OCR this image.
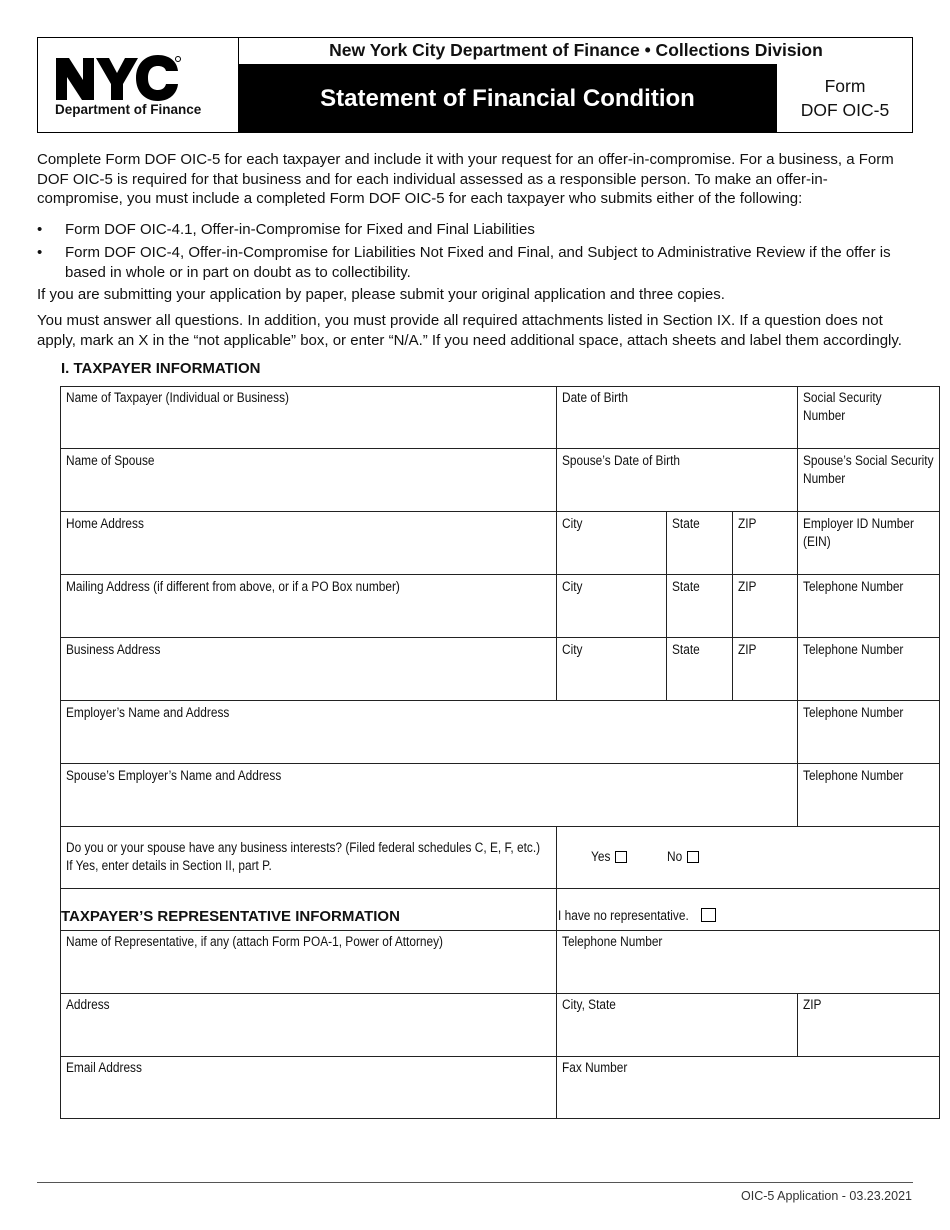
Department of Finance
New York City Department of Finance • Collections Division
Statement of Financial Condition	Form
DOF OIC-5
Complete Form DOF OIC-5 for each taxpayer and include it with your request for an offer-in-compromise. For a business, a Form DOF OIC-5 is required for that business and for each individual assessed as a responsible person. To make an offer-in-compromise, you must include a completed Form DOF OIC-5 for each taxpayer who submits either of the following:
• Form DOF OIC-4.1, Offer-in-Compromise for Fixed and Final Liabilities
• Form DOF OIC-4, Offer-in-Compromise for Liabilities Not Fixed and Final, and Subject to Administrative Review if the offer is based in whole or in part on doubt as to collectibility.
If you are submitting your application by paper, please submit your original application and three copies.
You must answer all questions. In addition, you must provide all required attachments listed in Section IX. If a question does not apply, mark an X in the “not applicable” box, or enter “N/A.” If you need additional space, attach sheets and label them accordingly.
I. TAXPAYER INFORMATION
Name of Taxpayer (Individual or Business)	Date of Birth	Social Security Number
Name of Spouse	Spouse’s Date of Birth	Spouse’s Social Security Number
Home Address	City	State	ZIP	Employer ID Number (EIN)
Mailing Address (if different from above, or if a PO Box number)	City	State	ZIP	Telephone Number
Business Address	City	State	ZIP	Telephone Number
Employer’s Name and Address	Telephone Number
Spouse’s Employer’s Name and Address	Telephone Number
Do you or your spouse have any business interests? (Filed federal schedules C, E, F, etc.)
If Yes, enter details in Section II, part P.
Yes	No
TAXPAYER’S REPRESENTATIVE INFORMATION	I have no representative.
Name of Representative, if any (attach Form POA-1, Power of Attorney)	Telephone Number
Address	City, State	ZIP
Email Address	Fax Number
OIC-5 Application - 03.23.2021
